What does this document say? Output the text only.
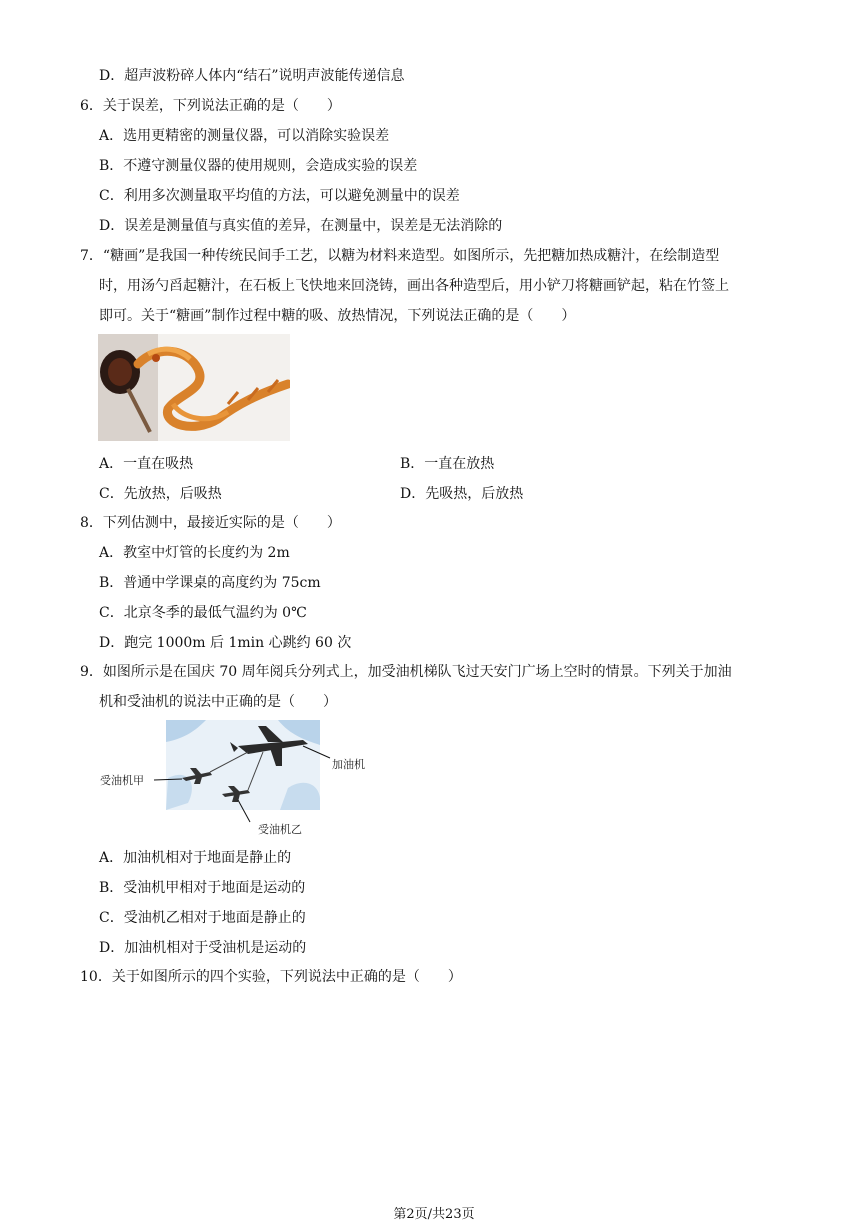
D．超声波粉碎人体内“结石”说明声波能传递信息
6．关于误差，下列说法正确的是（　　）
A．选用更精密的测量仪器，可以消除实验误差
B．不遵守测量仪器的使用规则，会造成实验的误差
C．利用多次测量取平均值的方法，可以避免测量中的误差
D．误差是测量值与真实值的差异，在测量中，误差是无法消除的
7．“糖画”是我国一种传统民间手工艺，以糖为材料来造型。如图所示，先把糖加热成糖汁，在绘制造型
时，用汤勺舀起糖汁，在石板上飞快地来回浇铸，画出各种造型后，用小铲刀将糖画铲起，粘在竹签上
即可。关于“糖画”制作过程中糖的吸、放热情况，下列说法正确的是（　　）
A．一直在吸热	B．一直在放热
C．先放热，后吸热	D．先吸热，后放热
8．下列估测中，最接近实际的是（　　）
A．教室中灯管的长度约为 2m
B．普通中学课桌的高度约为 75cm
C．北京冬季的最低气温约为 0℃
D．跑完 1000m 后 1min 心跳约 60 次
9．如图所示是在国庆 70 周年阅兵分列式上，加受油机梯队飞过天安门广场上空时的情景。下列关于加油
机和受油机的说法中正确的是（　　）
加油机
受油机甲
受油机乙
A．加油机相对于地面是静止的
B．受油机甲相对于地面是运动的
C．受油机乙相对于地面是静止的
D．加油机相对于受油机是运动的
10．关于如图所示的四个实验，下列说法中正确的是（　　）
第2页/共23页
